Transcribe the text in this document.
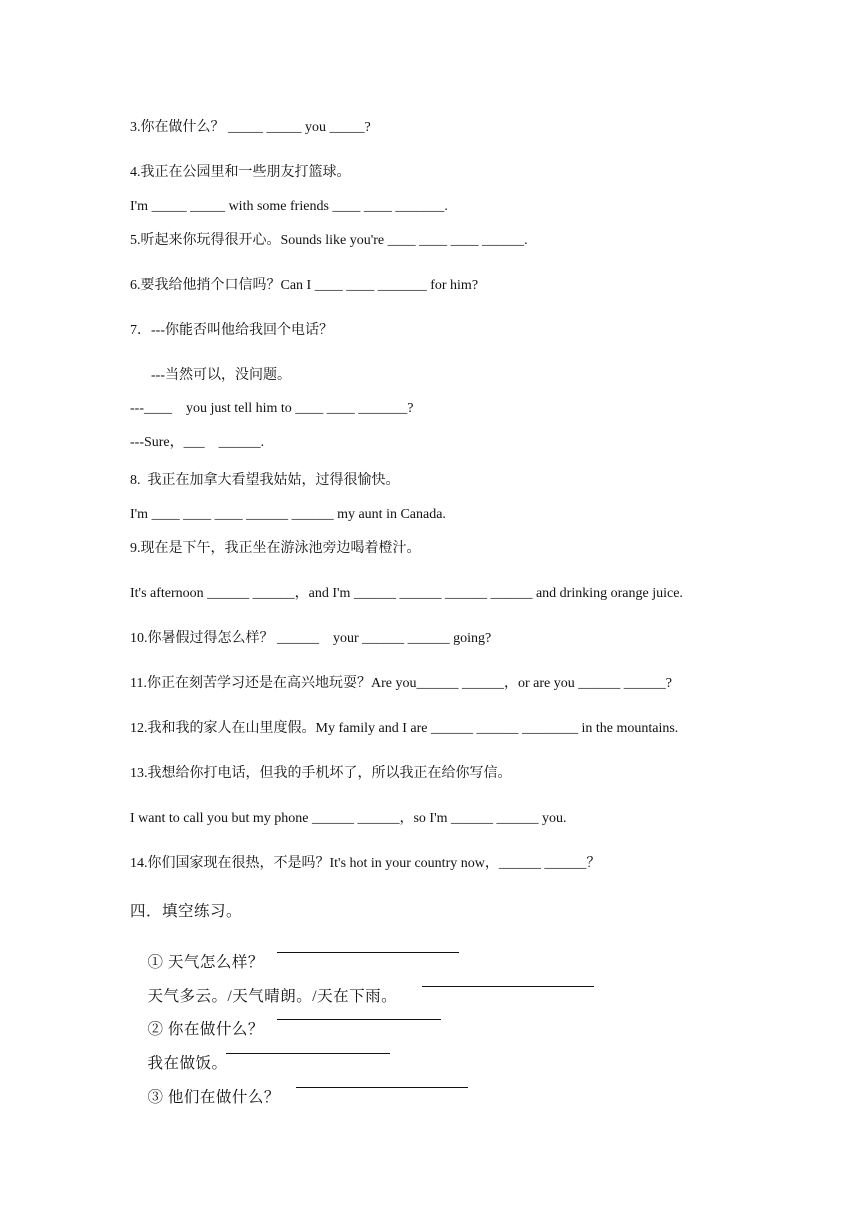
3.你在做什么？ _____ _____ you _____?
4.我正在公园里和一些朋友打篮球。
I'm _____ _____ with some friends ____ ____ _______.
5.听起来你玩得很开心。Sounds like you're ____ ____ ____ ______.
6.要我给他捎个口信吗？Can I ____ ____ _______ for him?
7．---你能否叫他给我回个电话？
---当然可以，没问题。
---____    you just tell him to ____ ____ _______?
---Sure，___    ______.
8.  我正在加拿大看望我姑姑，过得很愉快。
I'm ____ ____ ____ ______ ______ my aunt in Canada.
9.现在是下午，我正坐在游泳池旁边喝着橙汁。
It's afternoon ______ ______，and I'm ______ ______ ______ ______ and drinking orange juice.
10.你暑假过得怎么样？ ______    your ______ ______ going?
11.你正在刻苦学习还是在高兴地玩耍？Are you______ ______，or are you ______ ______?
12.我和我的家人在山里度假。My family and I are ______ ______ ________ in the mountains.
13.我想给你打电话，但我的手机坏了，所以我正在给你写信。
I want to call you but my phone ______ ______，so I'm ______ ______ you.
14.你们国家现在很热，不是吗？It's hot in your country now，______ ______？
四．填空练习。

① 天气怎么样？

天气多云。/天气晴朗。/天在下雨。

② 你在做什么？

我在做饭。

③ 他们在做什么？
